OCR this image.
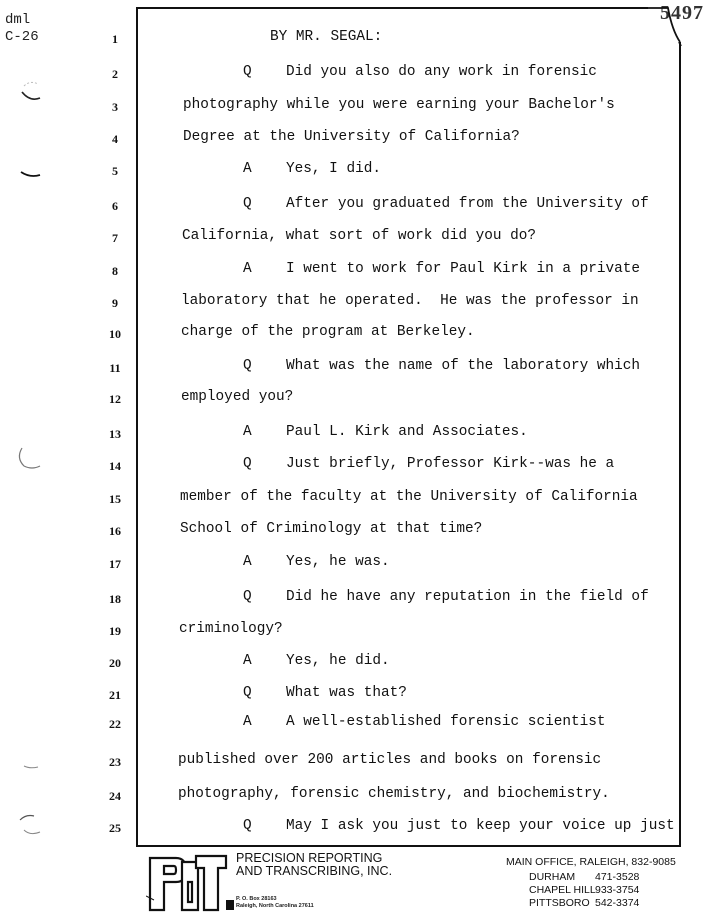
dml
C-26
5497
1	BY MR. SEGAL:
2	Q Did you also do any work in forensic
3	photography while you were earning your Bachelor's
4	Degree at the University of California?
5	A Yes, I did.
6	Q After you graduated from the University of
7	California, what sort of work did you do?
8	A I went to work for Paul Kirk in a private
9	laboratory that he operated.  He was the professor in
10	charge of the program at Berkeley.
11	Q What was the name of the laboratory which
12	employed you?
13	A Paul L. Kirk and Associates.
14	Q Just briefly, Professor Kirk--was he a
15	member of the faculty at the University of California
16	School of Criminology at that time?
17	A Yes, he was.
18	Q Did he have any reputation in the field of
19	criminology?
20	A Yes, he did.
21	Q What was that?
22	A A well-established forensic scientist
23	published over 200 articles and books on forensic
24	photography, forensic chemistry, and biochemistry.
25	Q May I ask you just to keep your voice up just
PRECISION REPORTING
AND TRANSCRIBING, INC.
P. O. Box 28163
Raleigh, North Carolina 27611
MAIN OFFICE, RALEIGH, 832-9085
DURHAM	471-3528
CHAPEL HILL 933-3754
PITTSBORO 542-3374
